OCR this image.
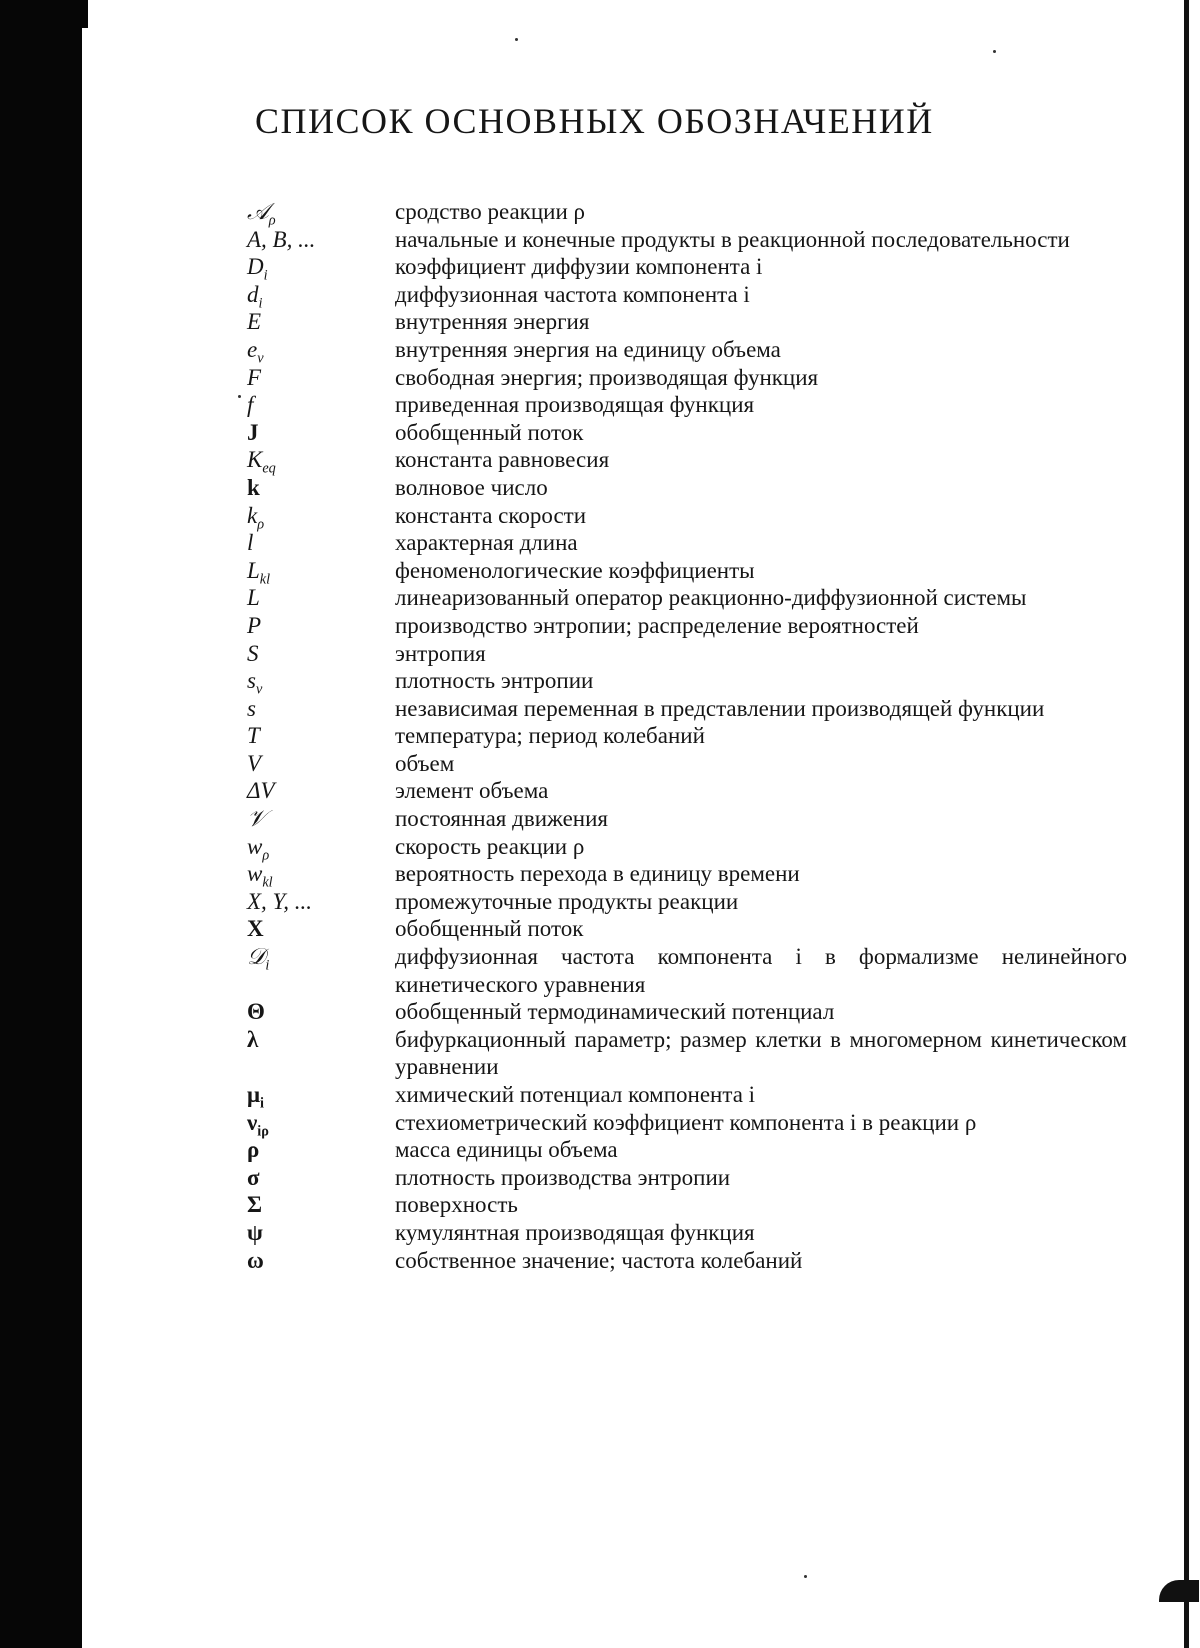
СПИСОК ОСНОВНЫХ ОБОЗНАЧЕНИЙ
𝒜$_\rho$	сродство реакции ρ
A, B, ...	начальные и конечные продукты в реакционной последовательности
$D_i$	коэффициент диффузии компонента i
$d_i$	диффузионная частота компонента i
E	внутренняя энергия
$e_v$	внутренняя энергия на единицу объема
F	свободная энергия; производящая функция
f	приведенная производящая функция
J	обобщенный поток
$K_{eq}$	константа равновесия
k	волновое число
$k_\rho$	константа скорости
l	характерная длина
$L_{kl}$	феноменологические коэффициенты
L	линеаризованный оператор реакционно-диффузионной системы
P	производство энтропии; распределение вероятностей
S	энтропия
$s_v$	плотность энтропии
s	независимая переменная в представлении производящей функции
T	температура; период колебаний
V	объем
ΔV	элемент объема
𝒱	постоянная движения
$w_\rho$	скорость реакции ρ
$w_{kl}$	вероятность перехода в единицу времени
X, Y, ...	промежуточные продукты реакции
X	обобщенный поток
𝒟$_i$	диффузионная частота компонента i в формализме нелинейного кинетического уравнения
Θ	обобщенный термодинамический потенциал
λ	бифуркационный параметр; размер клетки в многомерном кинетическом уравнении
$\mu_i$	химический потенциал компонента i
$\nu_{i\rho}$	стехиометрический коэффициент компонента i в реакции ρ
ρ	масса единицы объема
σ	плотность производства энтропии
Σ	поверхность
ψ	кумулянтная производящая функция
ω	собственное значение; частота колебаний
